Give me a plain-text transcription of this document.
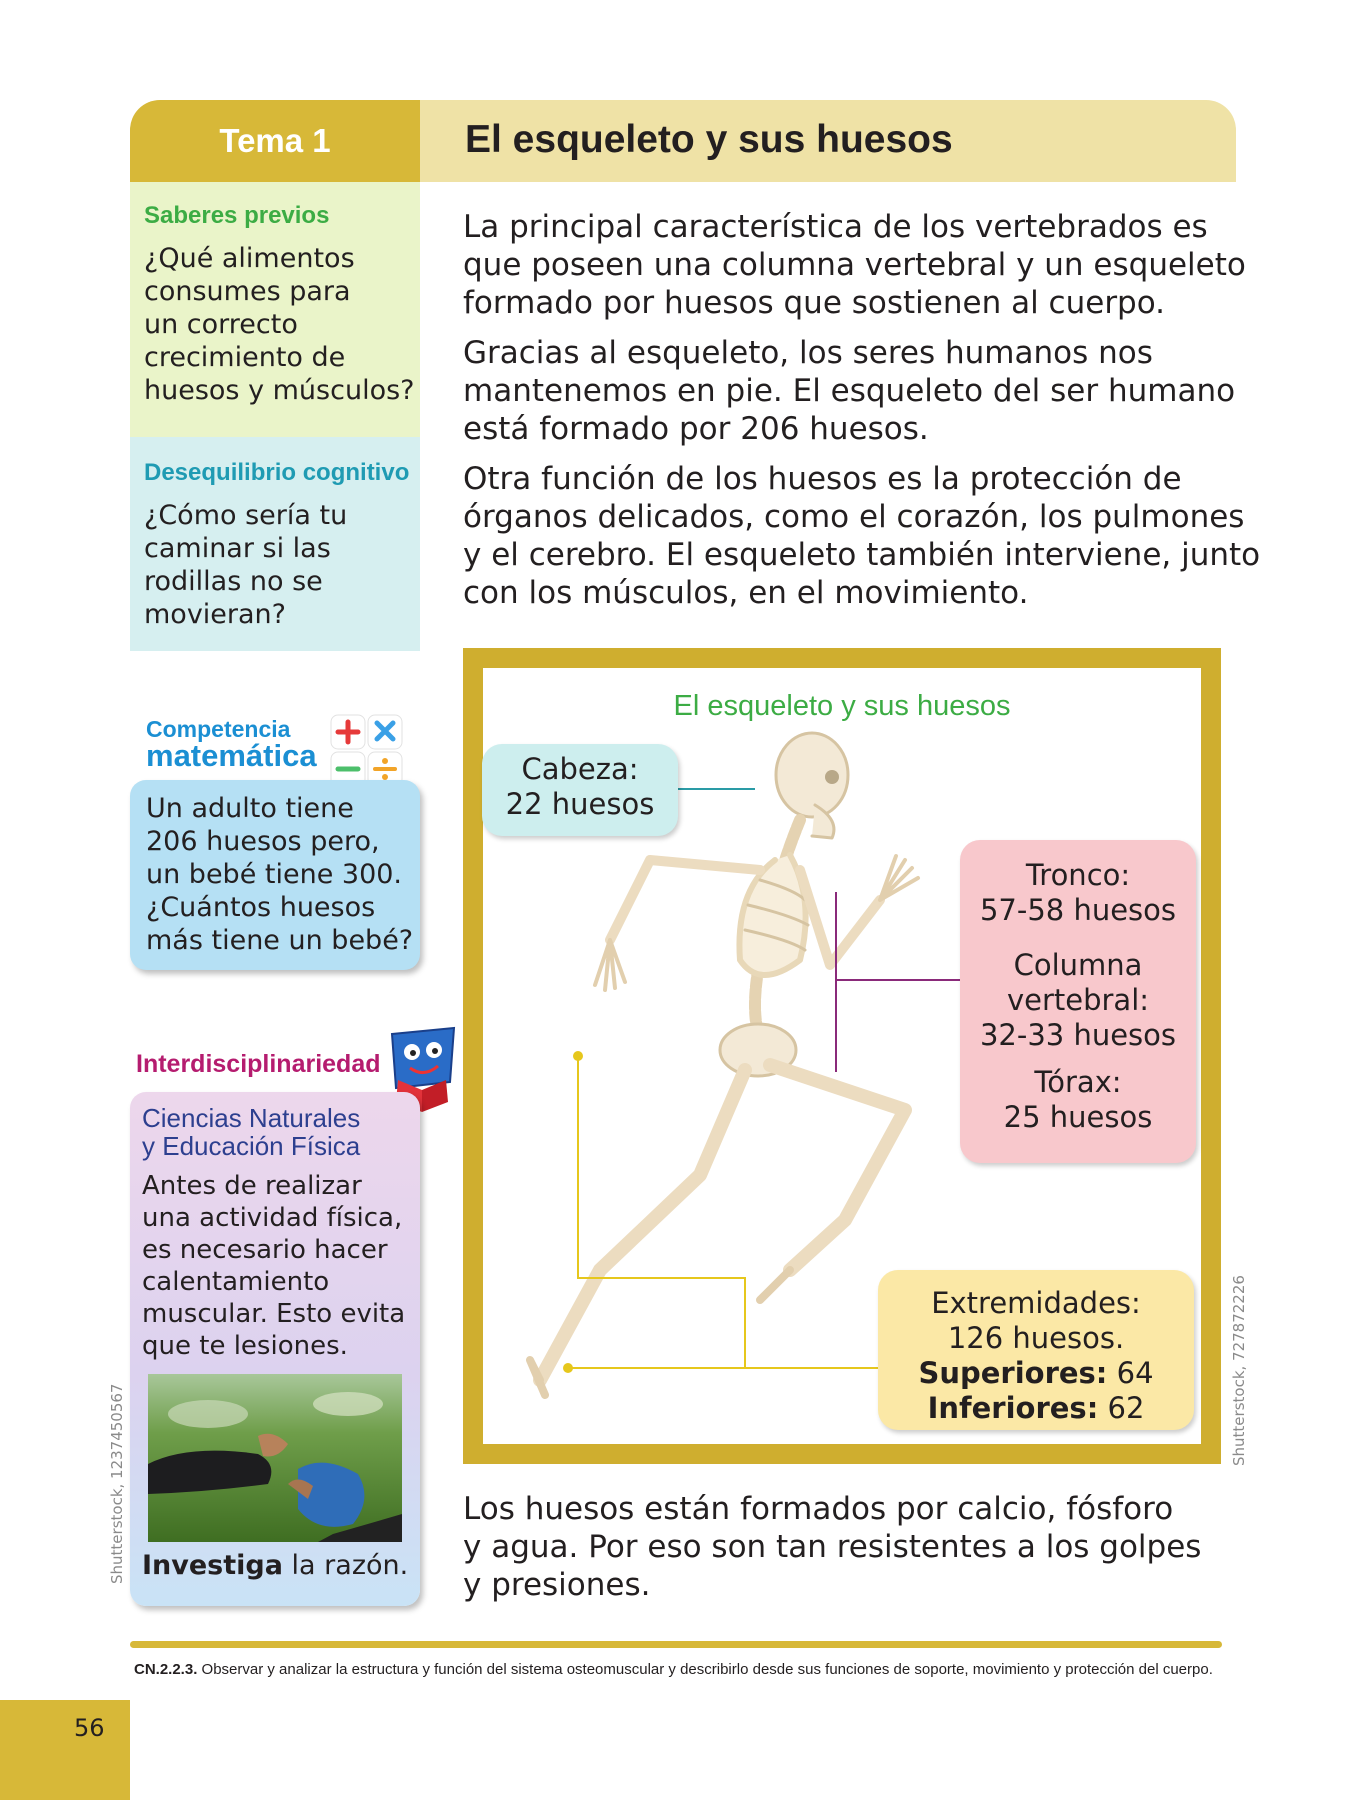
Tema 1	El esqueleto y sus huesos
Saberes previos
¿Qué alimentos
consumes para
un correcto
crecimiento de
huesos y músculos?
Desequilibrio cognitivo
¿Cómo sería tu
caminar si las
rodillas no se
movieran?
Competencia
matemática
Un adulto tiene
206 huesos pero,
un bebé tiene 300.
¿Cuántos huesos
más tiene un bebé?
Interdisciplinariedad
Ciencias Naturales
y Educación Física
Antes de realizar
una actividad física,
es necesario hacer
calentamiento
muscular. Esto evita
que te lesiones.
Investiga la razón.
La principal característica de los vertebrados es
que poseen una columna vertebral y un esqueleto
formado por huesos que sostienen al cuerpo.
Gracias al esqueleto, los seres humanos nos
mantenemos en pie. El esqueleto del ser humano
está formado por 206 huesos.
Otra función de los huesos es la protección de
órganos delicados, como el corazón, los pulmones
y el cerebro. El esqueleto también interviene, junto
con los músculos, en el movimiento.
El esqueleto y sus huesos
Cabeza:
22 huesos
Tronco:
57-58 huesos
Columna
vertebral:
32-33 huesos
Tórax:
25 huesos
Extremidades:
126 huesos.
Superiores: 64
Inferiores: 62
Shutterstock, 1237450567
Shutterstock, 727872226
Los huesos están formados por calcio, fósforo
y agua. Por eso son tan resistentes a los golpes
y presiones.
CN.2.2.3. Observar y analizar la estructura y función del sistema osteomuscular y describirlo desde sus funciones de soporte, movimiento y protección del cuerpo.
56
